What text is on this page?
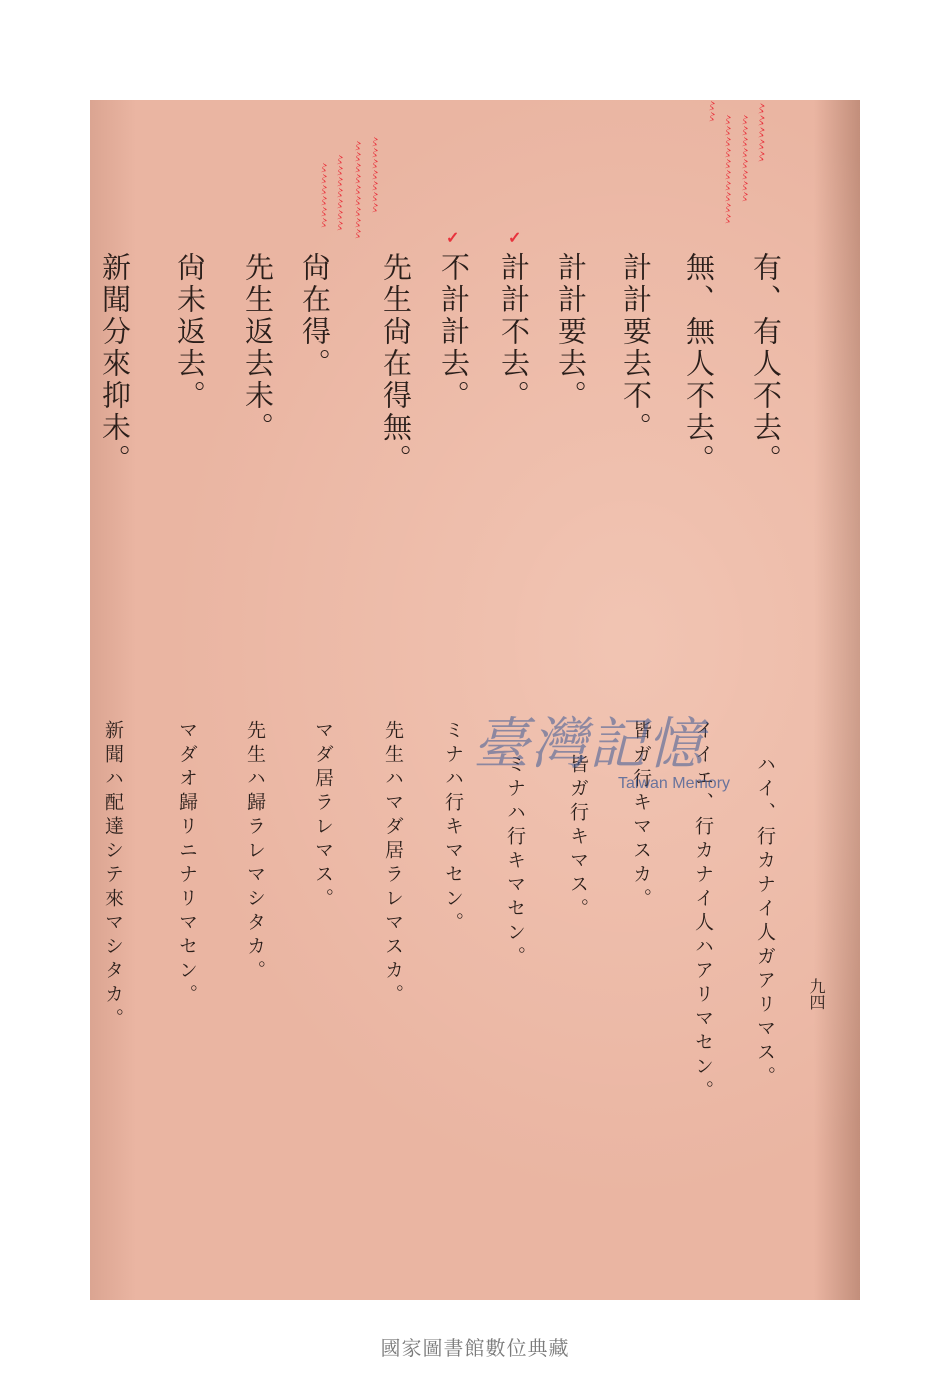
〻〻〻〻〻
〻〻〻〻〻〻〻〻
〻〻〻〻〻〻〻〻〻〻
〻〻
〻〻〻〻〻〻〻
〻〻〻〻〻〻〻〻〻
〻〻〻〻〻〻〻
〻〻〻〻〻〻
✓
✓
有、有人不去。
無、無人不去。
計計要去不。
計計要去。
計計不去。
不計計去。
先生尙在得無。
尙在得。
先生返去未。
尙未返去。
新聞分來抑未。
ハイ、行カナイ人ガアリマス。
イイエ、行カナイ人ハアリマセン。
皆ガ行キマスカ。
皆ガ行キマス。
ミナハ行キマセン。
ミナハ行キマセン。
先生ハマダ居ラレマスカ。
マダ居ラレマス。
先生ハ歸ラレマシタカ。
マダオ歸リニナリマセン。
新聞ハ配達シテ來マシタカ。	九四
臺灣記憶
Taiwan Memory
國家圖書館數位典藏
